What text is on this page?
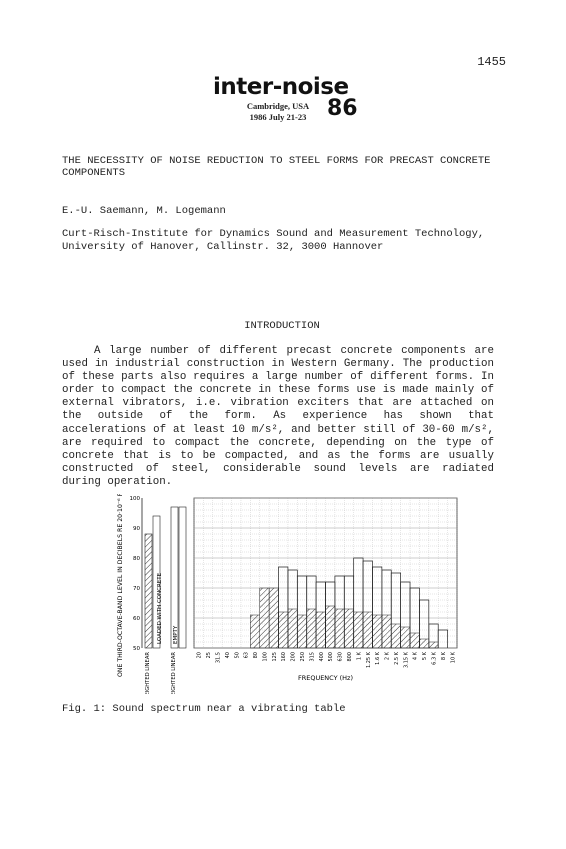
1455
inter-noise
Cambridge, USA
1986 July 21-23 86
THE NECESSITY OF NOISE REDUCTION TO STEEL FORMS FOR PRECAST CONCRETE COMPONENTS
E.-U. Saemann, M. Logemann
Curt-Risch-Institute for Dynamics Sound and Measurement Technology, University of Hanover, Callinstr. 32, 3000 Hannover
INTRODUCTION
A large number of different precast concrete components are used in industrial construction in Western Germany. The production of these parts also requires a large number of different forms. In order to compact the concrete in these forms use is made mainly of external vibrators, i.e. vibration exciters that are attached on the outside of the form. As experience has shown that accelerations of at least 10 m/s², and better still of 30-60 m/s², are required to compact the concrete, depending on the type of concrete that is to be compacted, and as the forms are usually constructed of steel, considerable sound levels are radiated during operation.
ONE THIRD-OCTAVE-BAND LEVEL IN DECIBELS RE 20·10⁻⁶ PASCALS 50
60
70
80
90
100
LOADED WITH CONCRETE EMPTY
A-WEIGHTED LINEAR	A-WEIGHTED LINEAR	20 25 31.5 40 50 63 80 100 125 160 200 250 315 400 500 630 800 1 K 1.25 K 1.6 K 2 K 2.5 K 3.15 K 4 K 5 K 6.3 K 8 K 10 K
FREQUENCY (Hz)
Fig. 1: Sound spectrum near a vibrating table
